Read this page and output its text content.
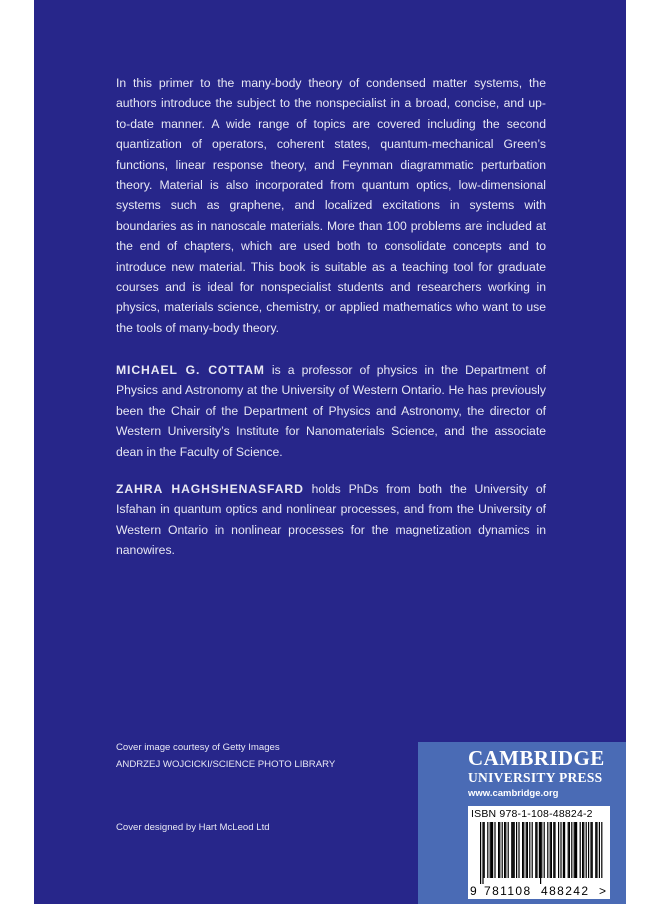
In this primer to the many-body theory of condensed matter systems, the authors introduce the subject to the nonspecialist in a broad, concise, and up-to-date manner. A wide range of topics are covered including the second quantization of operators, coherent states, quantum-mechanical Green’s functions, linear response theory, and Feynman diagrammatic perturbation theory. Material is also incorporated from quantum optics, low-dimensional systems such as graphene, and localized excitations in systems with boundaries as in nanoscale materials. More than 100 problems are included at the end of chapters, which are used both to consolidate concepts and to introduce new material. This book is suitable as a teaching tool for graduate courses and is ideal for nonspecialist students and researchers working in physics, materials science, chemistry, or applied mathematics who want to use the tools of many-body theory.

MICHAEL G. COTTAM is a professor of physics in the Department of Physics and Astronomy at the University of Western Ontario. He has previously been the Chair of the Department of Physics and Astronomy, the director of Western University’s Institute for Nanomaterials Science, and the associate dean in the Faculty of Science.

ZAHRA HAGHSHENASFARD holds PhDs from both the University of Isfahan in quantum optics and nonlinear processes, and from the University of Western Ontario in nonlinear processes for the magnetization dynamics in nanowires.

Cover image courtesy of Getty Images
ANDRZEJ WOJCICKI/SCIENCE PHOTO LIBRARY
Cover designed by Hart McLeod Ltd
CAMBRIDGE
UNIVERSITY PRESS
www.cambridge.org
ISBN 978-1-108-48824-2
9 781108 488242 >
